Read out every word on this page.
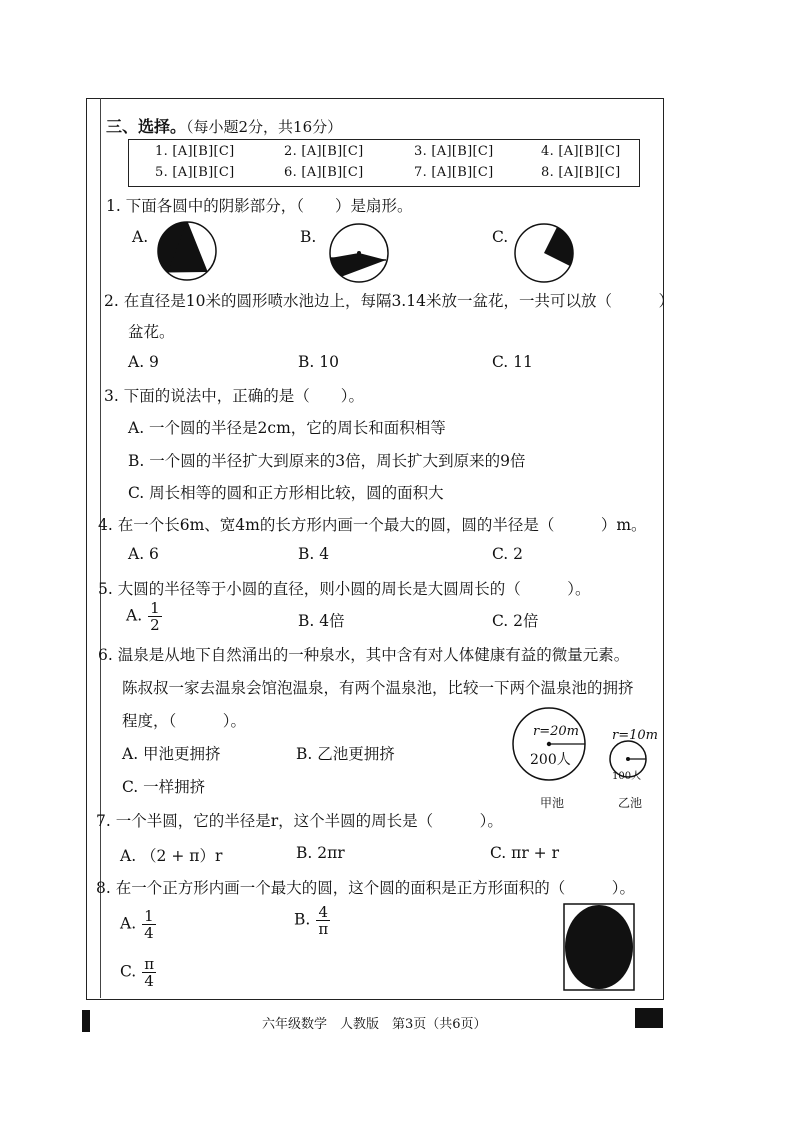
三、选择。（每小题2分，共16分）
1. [A][B][C]	2. [A][B][C]	3. [A][B][C]	4. [A][B][C]
5. [A][B][C]	6. [A][B][C]	7. [A][B][C]	8. [A][B][C]
1. 下面各圆中的阴影部分，（　　）是扇形。
A.	B.	C.
2. 在直径是10米的圆形喷水池边上，每隔3.14米放一盆花，一共可以放（　　　）
盆花。
A. 9	B. 10	C. 11
3. 下面的说法中，正确的是（　　）。
A. 一个圆的半径是2cm，它的周长和面积相等
B. 一个圆的半径扩大到原来的3倍，周长扩大到原来的9倍
C. 周长相等的圆和正方形相比较，圆的面积大
4. 在一个长6m、宽4m的长方形内画一个最大的圆，圆的半径是（　　　）m。
A. 6	B. 4	C. 2
5. 大圆的半径等于小圆的直径，则小圆的周长是大圆周长的（　　　）。
A. $\frac{1}{2}$	B. 4倍	C. 2倍
6. 温泉是从地下自然涌出的一种泉水，其中含有对人体健康有益的微量元素。
陈叔叔一家去温泉会馆泡温泉，有两个温泉池，比较一下两个温泉池的拥挤
程度，（　　　）。
A. 甲池更拥挤	B. 乙池更拥挤
C. 一样拥挤
r=20m
200人
甲池
r=10m
100人
乙池
7. 一个半圆，它的半径是r，这个半圆的周长是（　　　）。
A. （2 + π）r	B. 2πr	C. πr + r
8. 在一个正方形内画一个最大的圆，这个圆的面积是正方形面积的（　　　）。
A. $\frac{1}{4}$	B. $\frac{4}{\pi}$
C. $\frac{\pi}{4}$
六年级数学　人教版　第3页（共6页）
